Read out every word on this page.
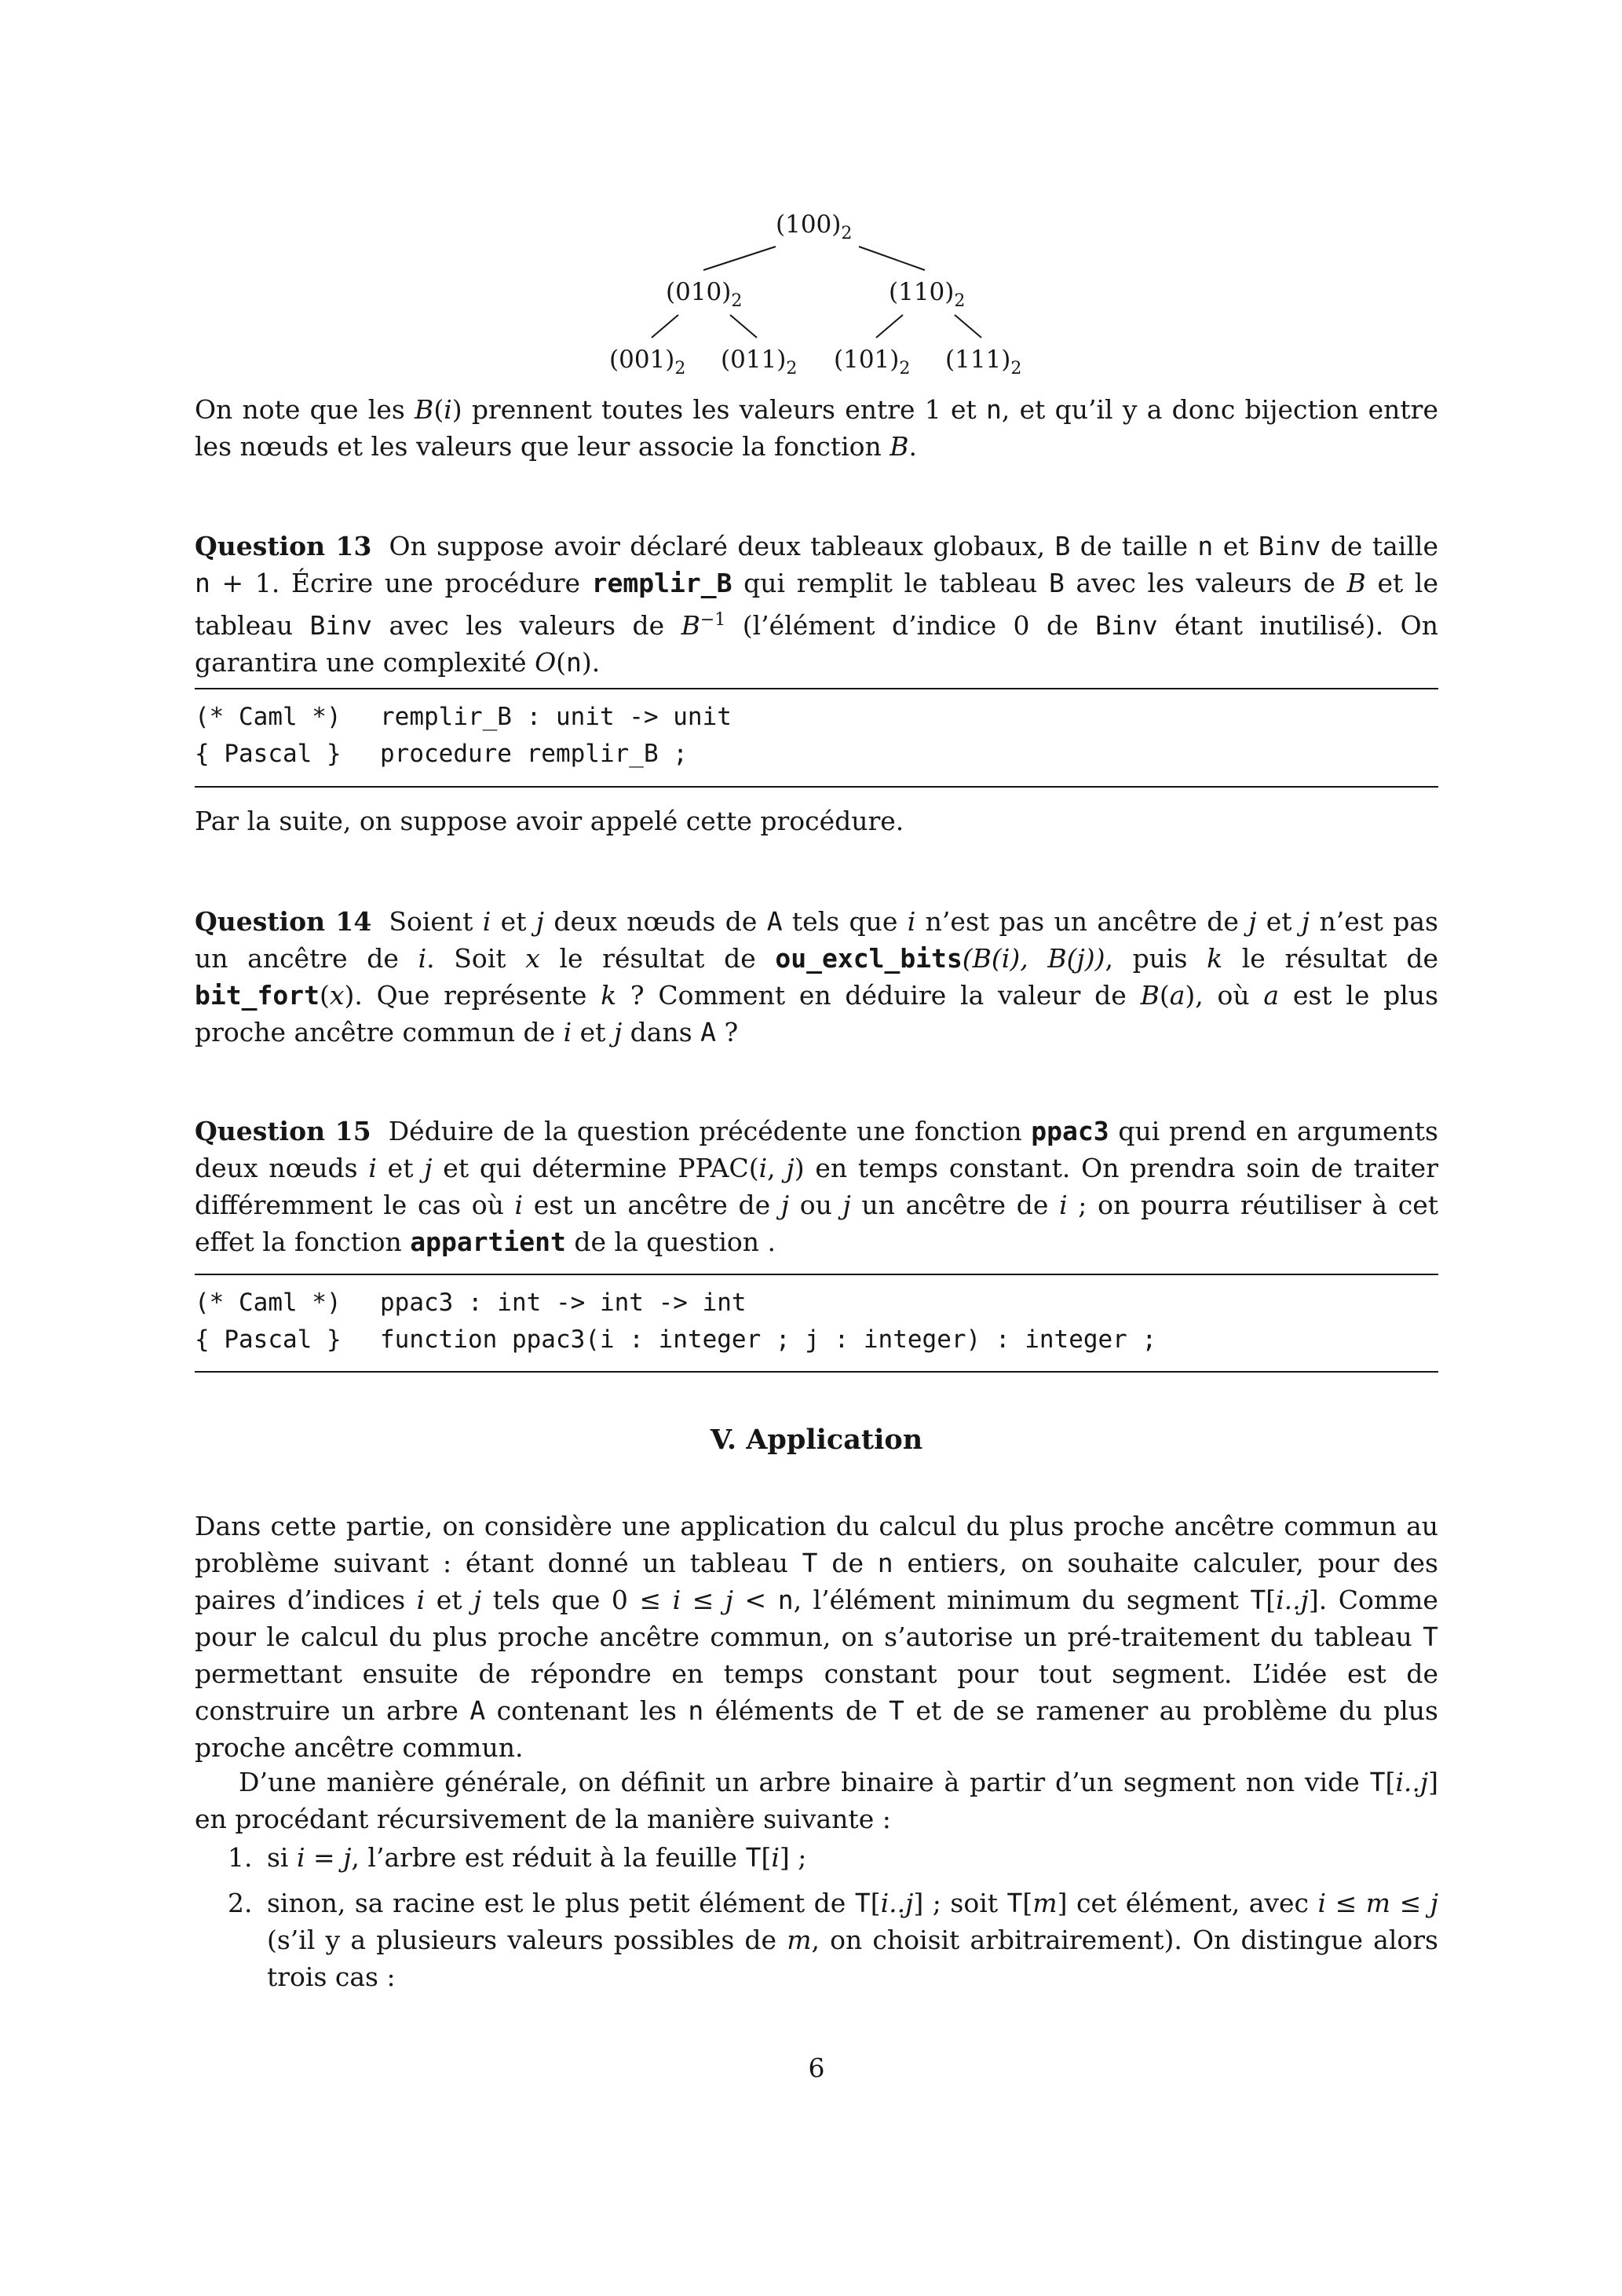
$(100)_2$
$(010)_2$	$(110)_2$
$(001)_2$ $(011)_2$ $(101)_2$ $(111)_2$
On note que les B(i) prennent toutes les valeurs entre 1 et n, et qu’il y a donc bijection entre les nœuds et les valeurs que leur associe la fonction B.
Question 13 On suppose avoir déclaré deux tableaux globaux, B de taille n et Binv de taille n + 1. Écrire une procédure remplir_B qui remplit le tableau B avec les valeurs de B et le tableau Binv avec les valeurs de $B^{-1}$ (l’élément d’indice 0 de Binv étant inutilisé). On garantira une complexité O(n).
(* Caml *) remplir_B : unit -> unit
{ Pascal } procedure remplir_B ;
Par la suite, on suppose avoir appelé cette procédure.
Question 14 Soient i et j deux nœuds de A tels que i n’est pas un ancêtre de j et j n’est pas un ancêtre de i. Soit x le résultat de ou_excl_bits(B(i), B(j)), puis k le résultat de bit_fort(x). Que représente k ? Comment en déduire la valeur de B(a), où a est le plus proche ancêtre commun de i et j dans A ?
Question 15 Déduire de la question précédente une fonction ppac3 qui prend en arguments deux nœuds i et j et qui détermine PPAC(i, j) en temps constant. On prendra soin de traiter différemment le cas où i est un ancêtre de j ou j un ancêtre de i ; on pourra réutiliser à cet effet la fonction appartient de la question .
(* Caml *) ppac3 : int -> int -> int
{ Pascal } function ppac3(i : integer ; j : integer) : integer ;
V. Application
Dans cette partie, on considère une application du calcul du plus proche ancêtre commun au problème suivant : étant donné un tableau T de n entiers, on souhaite calculer, pour des paires d’indices i et j tels que 0 ≤ i ≤ j < n, l’élément minimum du segment T[i..j]. Comme pour le calcul du plus proche ancêtre commun, on s’autorise un pré-traitement du tableau T permettant ensuite de répondre en temps constant pour tout segment. L’idée est de construire un arbre A contenant les n éléments de T et de se ramener au problème du plus proche ancêtre commun.
D’une manière générale, on définit un arbre binaire à partir d’un segment non vide T[i..j] en procédant récursivement de la manière suivante :
1. si i = j, l’arbre est réduit à la feuille T[i] ;
2. sinon, sa racine est le plus petit élément de T[i..j] ; soit T[m] cet élément, avec i ≤ m ≤ j (s’il y a plusieurs valeurs possibles de m, on choisit arbitrairement). On distingue alors trois cas :
6
